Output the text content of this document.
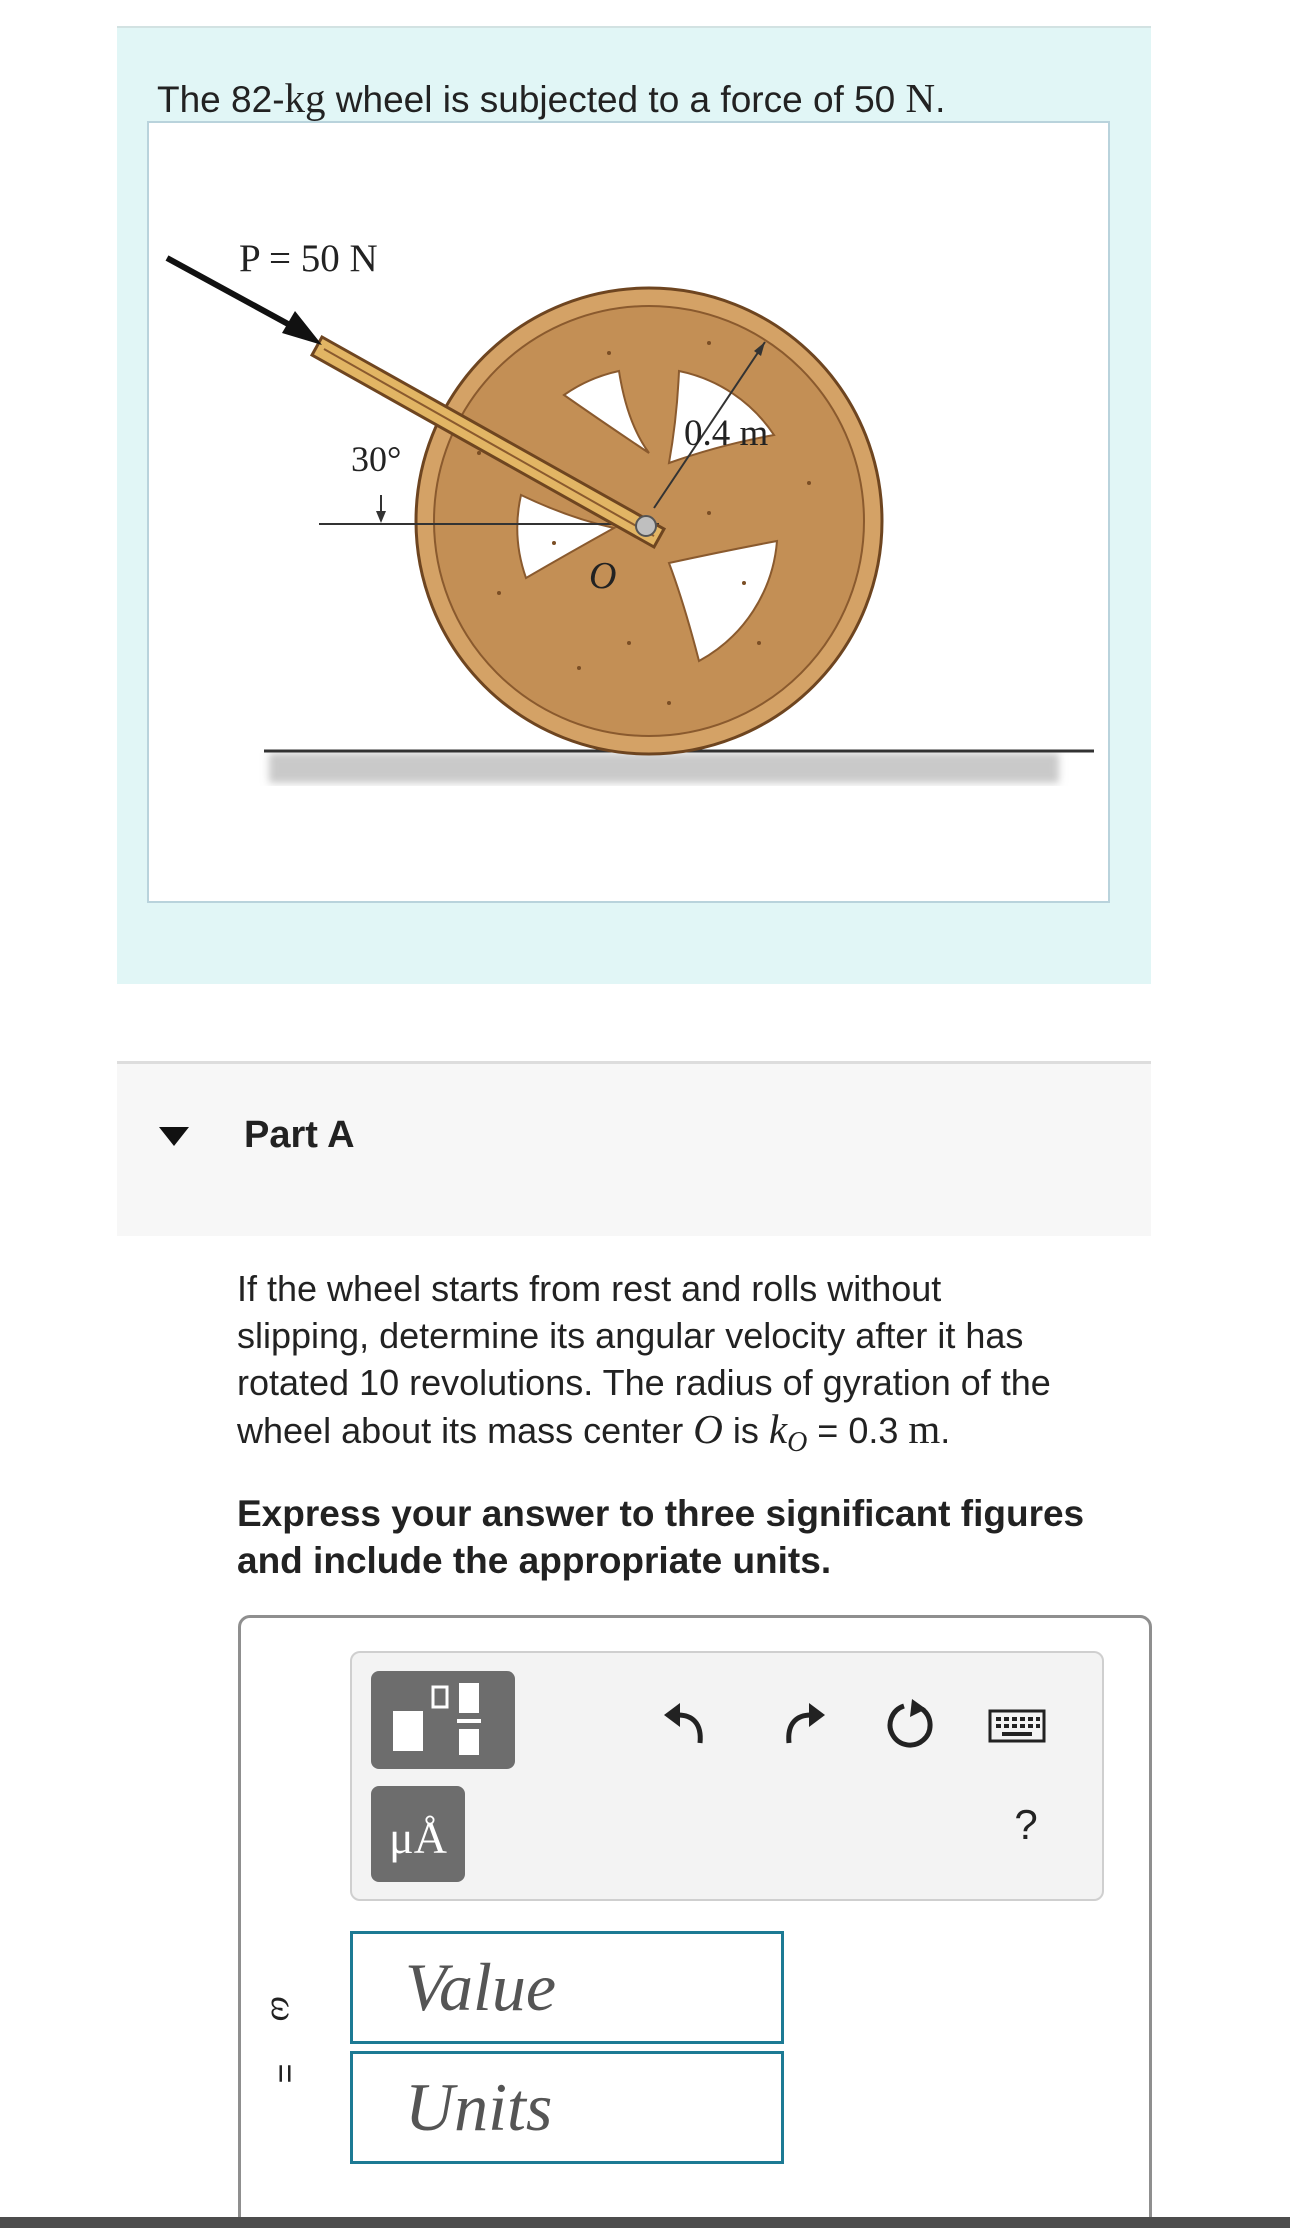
The 82-kg wheel is subjected to a force of 50 N.
0.4 m
30°
P = 50 N
O
Part A
If the wheel starts from rest and rolls without
slipping, determine its angular velocity after it has
rotated 10 revolutions. The radius of gyration of the
wheel about its mass center O is $k_O = 0.3$ m.
Express your answer to three significant figures
and include the appropriate units.
μÅ	?
ω
=
Value
Units
